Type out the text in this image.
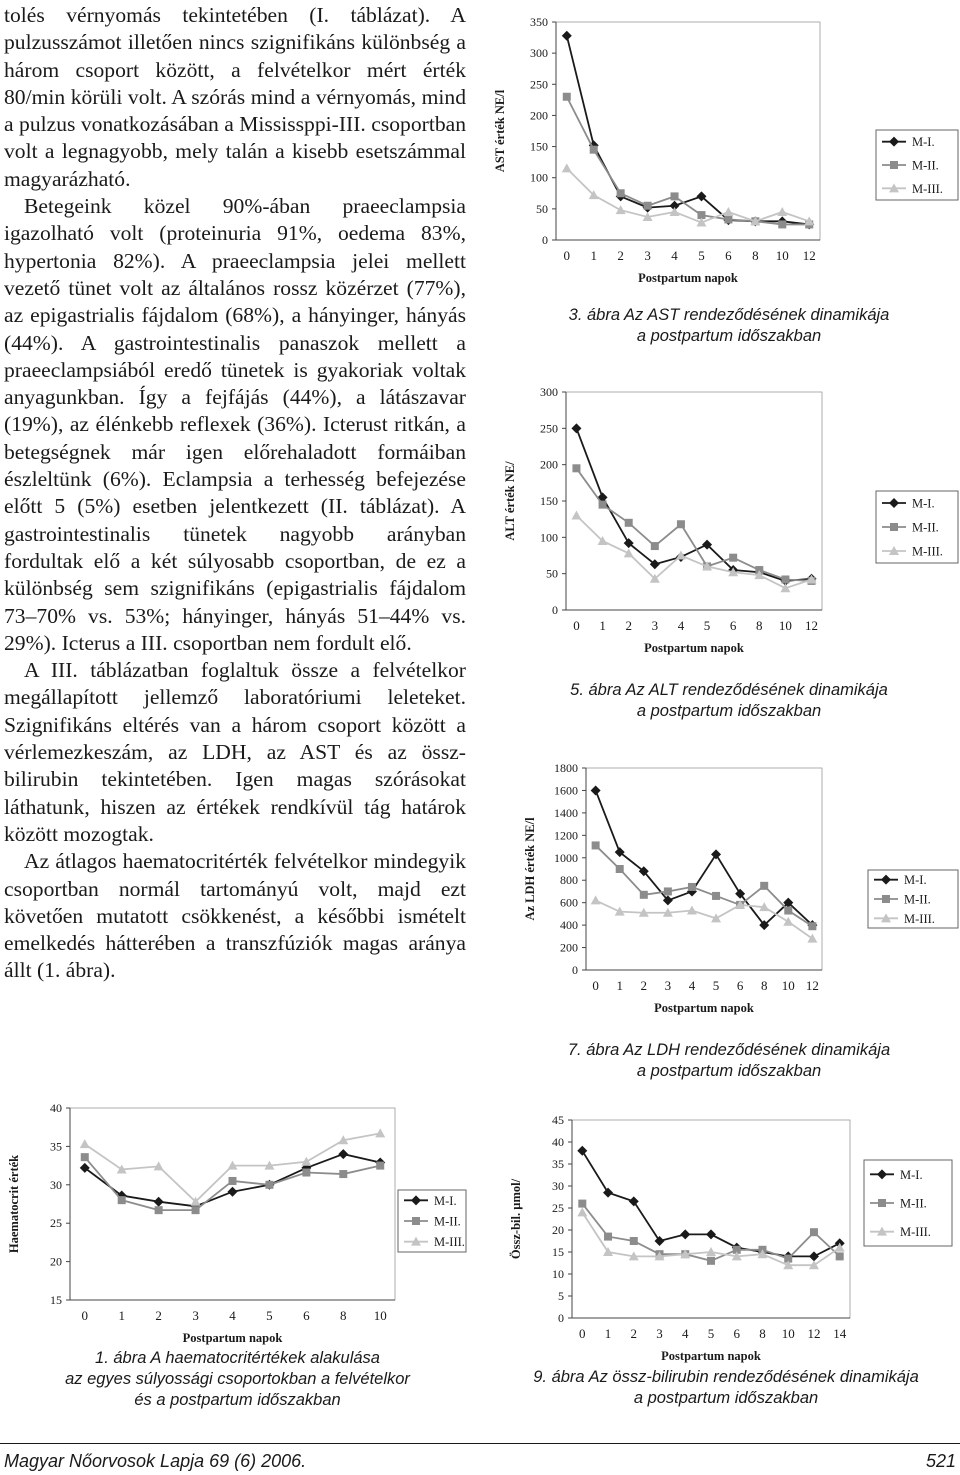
tolés vérnyomás tekintetében (I. táblázat). A pulzusszámot illetően nincs szignifikáns különbség a három csoport között, a felvételkor mért érték 80/min körüli volt. A szórás mind a vérnyomás, mind a pulzus vonatkozásában a Mississppi-III. csoportban volt a legnagyobb, mely talán a kisebb esetszámmal magyarázható.

Betegeink közel 90%-ában praeeclampsia igazolható volt (proteinuria 91%, oedema 83%, hypertonia 82%). A praeeclampsia jelei mellett vezető tünet volt az általános rossz közérzet (77%), az epigastrialis fájdalom (68%), a hányinger, hányás (44%). A gastrointestinalis panaszok mellett a praeeclampsiából eredő tünetek is gyakoriak voltak anyagunkban. Így a fejfájás (44%), a látászavar (19%), az élénkebb reflexek (36%). Icterust ritkán, a betegségnek már igen előrehaladott formáiban észleltünk (6%). Eclampsia a terhesség befejezése előtt 5 (5%) esetben jelentkezett (II. táblázat). A gastrointestinalis tünetek nagyobb arányban fordultak elő a két súlyosabb csoportban, de ez a különbség sem szignifikáns (epigastrialis fájdalom 73–70% vs. 53%; hányinger, hányás 51–44% vs. 29%). Icterus a III. csoportban nem fordult elő.

A III. táblázatban foglaltuk össze a felvételkor megállapított jellemző laboratóriumi leleteket. Szignifikáns eltérés van a három csoport között a vérlemezkeszám, az LDH, az AST és az össz-bilirubin tekintetében. Igen magas szórásokat láthatunk, hiszen az értékek rendkívül tág határok között mozogtak.

Az átlagos haematocritérték felvételkor mindegyik csoportban normál tartományú volt, majd ezt követően mutatott csökkenést, a későbbi ismételt emelkedés hátterében a transzfúziók magas aránya állt (1. ábra).

0
50
100
150
200
250
300
350
0 1 2 3 4 5 6 8 10 12
Postpartum napok
AST érték NE/l	M-I.
M-II.
M-III.
3. ábra Az AST rendeződésének dinamikája
a postpartum időszakban
0
50
100
150
200
250
300
0 1 2 3 4 5 6 8 10 12
Postpartum napok
ALT érték NE/	M-I.
M-II.
M-III.
5. ábra Az ALT rendeződésének dinamikája
a postpartum időszakban
0
200
400
600
800
1000
1200
1400
1600
1800
0 1 2 3 4 5 6 8 10 12
Postpartum napok
Az LDH érték NE/l	M-I.
M-II.
M-III.
7. ábra Az LDH rendeződésének dinamikája
a postpartum időszakban
15
20
25
30
35
40
0 1 2 3 4 5 6 8 10
Postpartum napok
Haematocrit érték	M-I.
M-II.
M-III.
1. ábra A haematocritértékek alakulása
az egyes súlyossági csoportokban a felvételkor
és a postpartum időszakban
0
5
10
15
20
25
30
35
40
45
0 1 2 3 4 5 6 8 10 12 14
Postpartum napok
Össz-bil. µmol/
M-I.
M-II.
M-III.
9. ábra Az össz-bilirubin rendeződésének dinamikája
a postpartum időszakban
Magyar Nőorvosok Lapja 69 (6) 2006.	521
